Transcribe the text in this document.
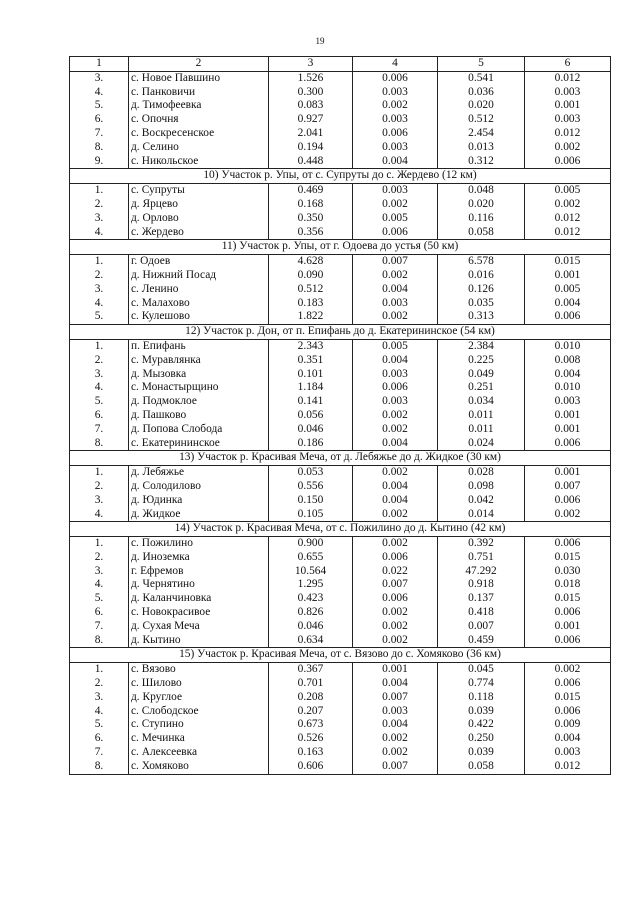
19
1	2	3	4	5	6
3.	с. Новое Павшино	1.526	0.006	0.541	0.012
4.	с. Панковичи	0.300	0.003	0.036	0.003
5.	д. Тимофеевка	0.083	0.002	0.020	0.001
6.	с. Опочня	0.927	0.003	0.512	0.003
7.	с. Воскресенское	2.041	0.006	2.454	0.012
8.	д. Селино	0.194	0.003	0.013	0.002
9.	с. Никольское	0.448	0.004	0.312	0.006
10) Участок р. Упы, от с. Супруты до с. Жердево (12 км)					
1.	с. Супруты	0.469	0.003	0.048	0.005
2.	д. Ярцево	0.168	0.002	0.020	0.002
3.	д. Орлово	0.350	0.005	0.116	0.012
4.	с. Жердево	0.356	0.006	0.058	0.012
11) Участок р. Упы, от г. Одоева до устья (50 км)					
1.	г. Одоев	4.628	0.007	6.578	0.015
2.	д. Нижний Посад	0.090	0.002	0.016	0.001
3.	с. Ленино	0.512	0.004	0.126	0.005
4.	с. Малахово	0.183	0.003	0.035	0.004
5.	с. Кулешово	1.822	0.002	0.313	0.006
12) Участок р. Дон, от п. Епифань до д. Екатерининское (54 км)					
1.	п. Епифань	2.343	0.005	2.384	0.010
2.	с. Муравлянка	0.351	0.004	0.225	0.008
3.	д. Мызовка	0.101	0.003	0.049	0.004
4.	с. Монастырщино	1.184	0.006	0.251	0.010
5.	д. Подмоклое	0.141	0.003	0.034	0.003
6.	д. Пашково	0.056	0.002	0.011	0.001
7.	д. Попова Слобода	0.046	0.002	0.011	0.001
8.	с. Екатерининское	0.186	0.004	0.024	0.006
13) Участок р. Красивая Меча, от д. Лебяжье до д. Жидкое (30 км)					
1.	д. Лебяжье	0.053	0.002	0.028	0.001
2.	д. Солодилово	0.556	0.004	0.098	0.007
3.	д. Юдинка	0.150	0.004	0.042	0.006
4.	д. Жидкое	0.105	0.002	0.014	0.002
14) Участок р. Красивая Меча, от с. Пожилино до д. Кытино (42 км)					
1.	с. Пожилино	0.900	0.002	0.392	0.006
2.	д. Иноземка	0.655	0.006	0.751	0.015
3.	г. Ефремов	10.564	0.022	47.292	0.030
4.	д. Чернятино	1.295	0.007	0.918	0.018
5.	д. Каланчиновка	0.423	0.006	0.137	0.015
6.	с. Новокрасивое	0.826	0.002	0.418	0.006
7.	д. Сухая Меча	0.046	0.002	0.007	0.001
8.	д. Кытино	0.634	0.002	0.459	0.006
15) Участок р. Красивая Меча, от с. Вязово до с. Хомяково (36 км)					
1.	с. Вязово	0.367	0.001	0.045	0.002
2.	с. Шилово	0.701	0.004	0.774	0.006
3.	д. Круглое	0.208	0.007	0.118	0.015
4.	с. Слободское	0.207	0.003	0.039	0.006
5.	с. Ступино	0.673	0.004	0.422	0.009
6.	с. Мечинка	0.526	0.002	0.250	0.004
7.	с. Алексеевка	0.163	0.002	0.039	0.003
8.	с. Хомяково	0.606	0.007	0.058	0.012
